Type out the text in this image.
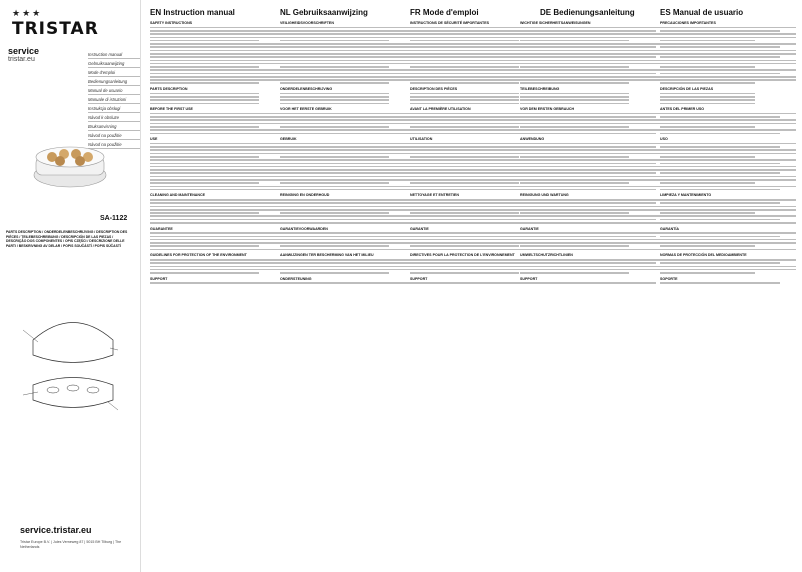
★★★
TRISTAR
service
tristar.eu
Instruction manual
Gebruiksaanwijzing
Mode d'emploi
Bedienungsanleitung
Manual de usuario
Manuale di istruzioni
Instrukcja obsługi
Návod k obsluze
Bruksanvisning
Návod na použitie
Návod na použitie
SA-1122
PARTS DESCRIPTION / ONDERDELENBESCHRIJVING / DESCRIPTION DES PIÈCES / TEILEBESCHREIBUNG / DESCRIPCIÓN DE LAS PIEZAS / DESCRIÇÃO DOS COMPONENTES / OPIS CZĘŚCI / DESCRIZIONE DELLE PARTI / BESKRIVNING AV DELAR / POPIS SOUČÁSTÍ / POPIS SÚČASTÍ
service.tristar.eu
Tristar Europe B.V. | Jules Verneweg 87 | 5015 BH Tilburg | The Netherlands
EN Instruction manual
SAFETY INSTRUCTIONS
PARTS DESCRIPTION
BEFORE THE FIRST USE
USE
CLEANING AND MAINTENANCE
GUARANTEE
GUIDELINES FOR PROTECTION OF THE ENVIRONMENT
SUPPORT
NL Gebruiksaanwijzing
VEILIGHEIDSVOORSCHRIFTEN
ONDERDELENBESCHRIJVING
VOOR HET EERSTE GEBRUIK
GEBRUIK
REINIGING EN ONDERHOUD
GARANTIEVOORWAARDEN
AANWIJZINGEN TER BESCHERMING VAN HET MILIEU
ONDERSTEUNING
FR Mode d'emploi
INSTRUCTIONS DE SÉCURITÉ IMPORTANTES
DESCRIPTION DES PIÈCES
AVANT LA PREMIÈRE UTILISATION
UTILISATION
NETTOYAGE ET ENTRETIEN
GARANTIE
DIRECTIVES POUR LA PROTECTION DE L'ENVIRONNEMENT
SUPPORT
DE Bedienungsanleitung
WICHTIGE SICHERHEITSANWEISUNGEN
TEILEBESCHREIBUNG
VOR DEM ERSTEN GEBRAUCH
ANWENDUNG
REINIGUNG UND WARTUNG
GARANTIE
UMWELTSCHUTZRICHTLINIEN
SUPPORT
ES Manual de usuario
PRECAUCIONES IMPORTANTES
DESCRIPCIÓN DE LAS PIEZAS
ANTES DEL PRIMER USO
USO
LIMPIEZA Y MANTENIMIENTO
GARANTÍA
NORMAS DE PROTECCIÓN DEL MEDIOAMBIENTE
SOPORTE
